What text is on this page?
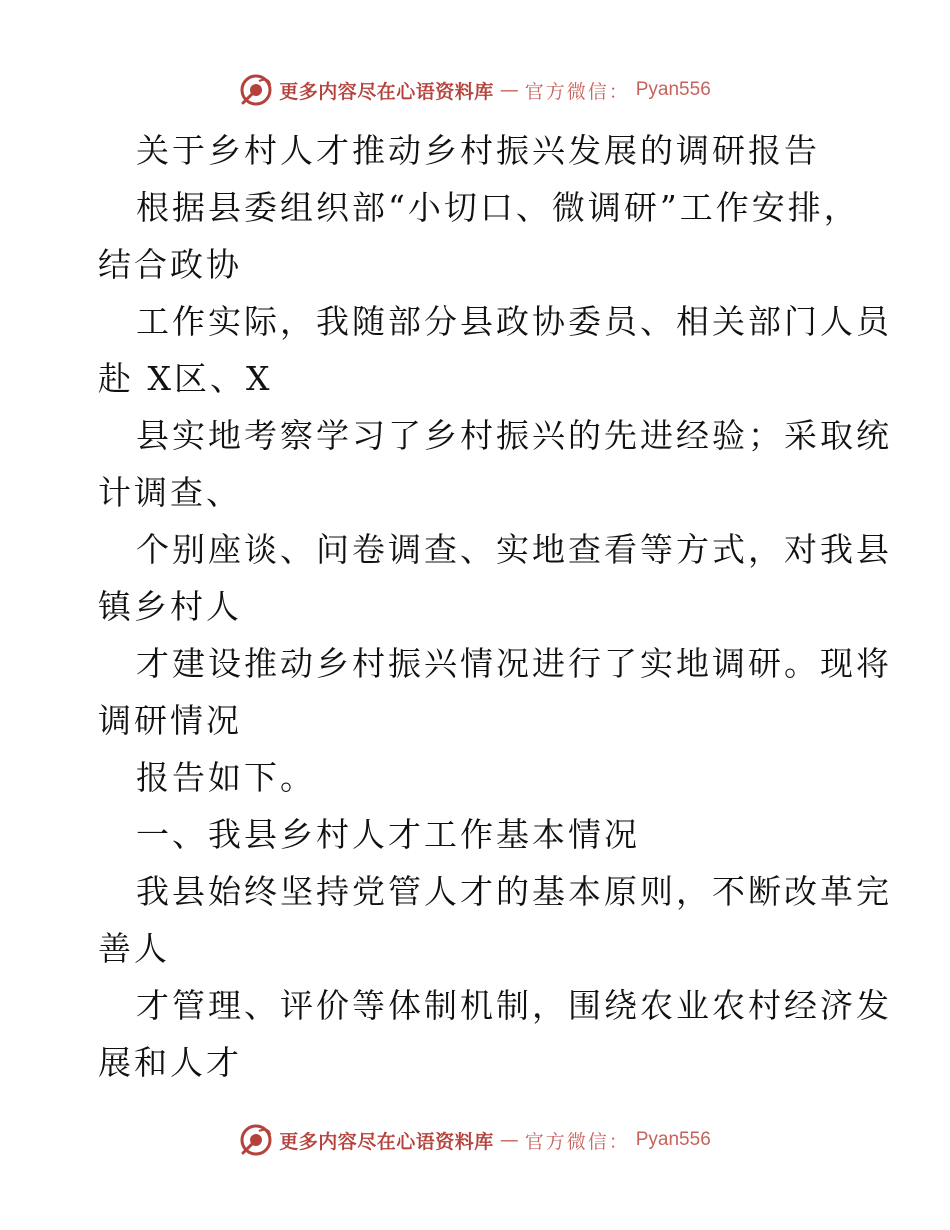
更多内容尽在心语资料库 — 官方微信： Pyan556
关于乡村人才推动乡村振兴发展的调研报告
根据县委组织部“小切口、微调研”工作安排，
结合政协
工作实际，我随部分县政协委员、相关部门人员
赴 X区、X
县实地考察学习了乡村振兴的先进经验；采取统
计调查、
个别座谈、问卷调查、实地查看等方式，对我县
镇乡村人
才建设推动乡村振兴情况进行了实地调研。现将
调研情况
报告如下。
一、我县乡村人才工作基本情况
我县始终坚持党管人才的基本原则，不断改革完
善人
才管理、评价等体制机制，围绕农业农村经济发
展和人才
更多内容尽在心语资料库 — 官方微信： Pyan556
